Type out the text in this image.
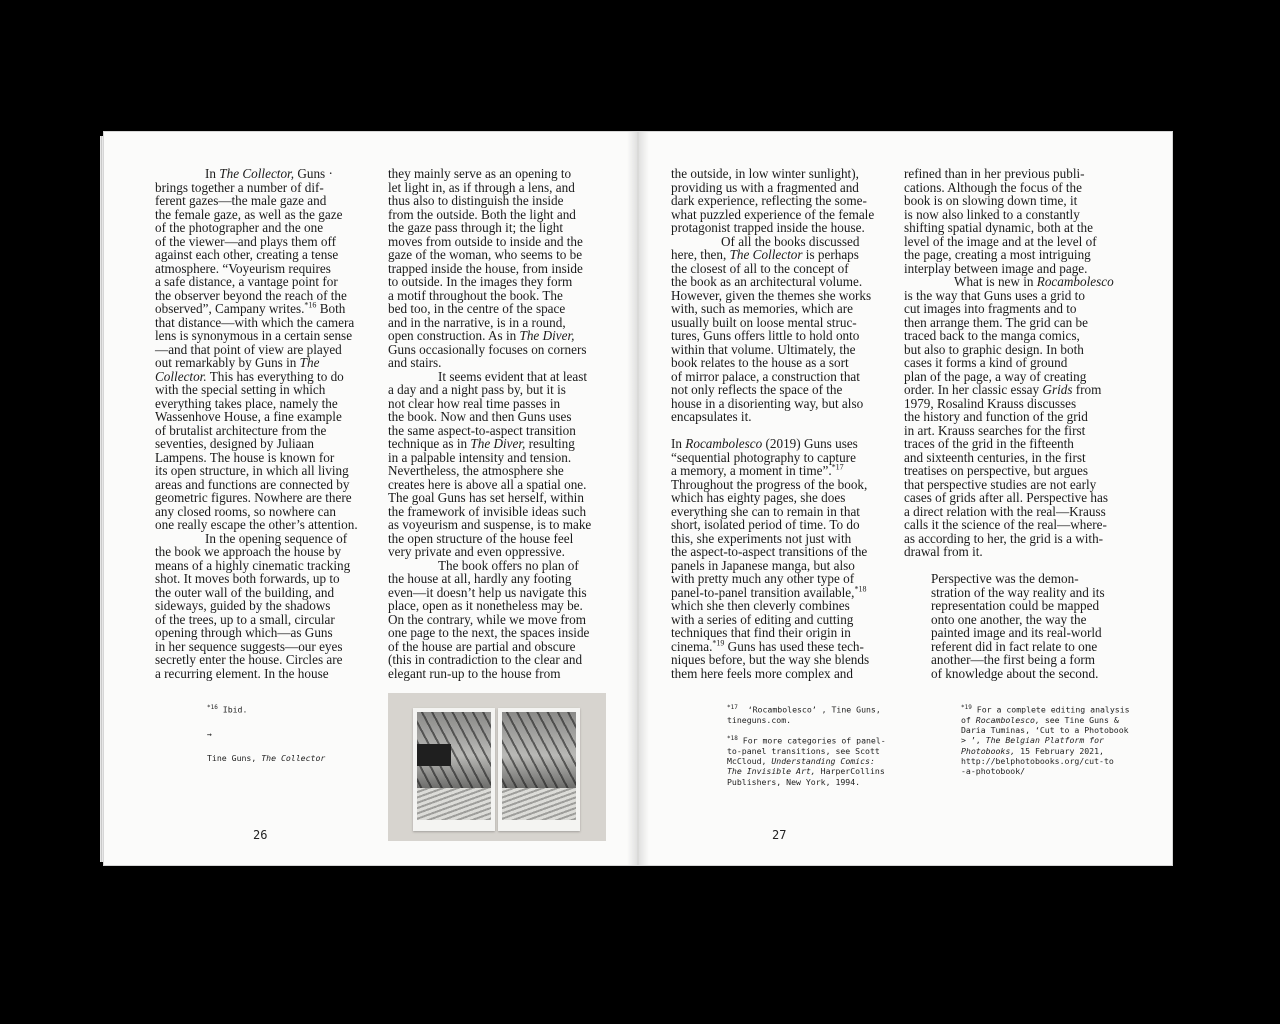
In The Collector, Guns ·

brings together a number of dif-
ferent gazes—the male gaze and
the female gaze, as well as the gaze
of the photographer and the one
of the viewer—and plays them off
against each other, creating a tense
atmosphere. “Voyeurism requires
a safe distance, a vantage point for
the observer beyond the reach of the
observed”, Campany writes.$^{*16}$ Both
that distance—with which the camera
lens is synonymous in a certain sense
—and that point of view are played
out remarkably by Guns in The
Collector. This has everything to do
with the special setting in which
everything takes place, namely the
Wassenhove House, a fine example
of brutalist architecture from the
seventies, designed by Juliaan
Lampens. The house is known for
its open structure, in which all living
areas and functions are connected by
geometric figures. Nowhere are there
any closed rooms, so nowhere can
one really escape the other’s attention.

In the opening sequence of

the book we approach the house by
means of a highly cinematic tracking
shot. It moves both forwards, up to
the outer wall of the building, and
sideways, guided by the shadows
of the trees, up to a small, circular
opening through which—as Guns
in her sequence suggests—our eyes
secretly enter the house. Circles are
a recurring element. In the house

they mainly serve as an opening to
let light in, as if through a lens, and
thus also to distinguish the inside
from the outside. Both the light and
the gaze pass through it; the light
moves from outside to inside and the
gaze of the woman, who seems to be
trapped inside the house, from inside
to outside. In the images they form
a motif throughout the book. The
bed too, in the centre of the space
and in the narrative, is in a round,
open construction. As in The Diver,
Guns occasionally focuses on corners
and stairs.

It seems evident that at least

a day and a night pass by, but it is
not clear how real time passes in
the book. Now and then Guns uses
the same aspect-to-aspect transition
technique as in The Diver, resulting
in a palpable intensity and tension.
Nevertheless, the atmosphere she
creates here is above all a spatial one.
The goal Guns has set herself, within
the framework of invisible ideas such
as voyeurism and suspense, is to make
the open structure of the house feel
very private and even oppressive.

The book offers no plan of

the house at all, hardly any footing
even—it doesn’t help us navigate this
place, open as it nonetheless may be.
On the contrary, while we move from
one page to the next, the spaces inside
of the house are partial and obscure
(this in contradiction to the clear and
elegant run-up to the house from

$^{*16}$ Ibid.

→

Tine Guns, The Collector

26

the outside, in low winter sunlight),
providing us with a fragmented and
dark experience, reflecting the some-
what puzzled experience of the female
protagonist trapped inside the house.

Of all the books discussed

here, then, The Collector is perhaps
the closest of all to the concept of
the book as an architectural volume.
However, given the themes she works
with, such as memories, which are
usually built on loose mental struc-
tures, Guns offers little to hold onto
within that volume. Ultimately, the
book relates to the house as a sort
of mirror palace, a construction that
not only reflects the space of the
house in a disorienting way, but also
encapsulates it.

In Rocambolesco (2019) Guns uses
“sequential photography to capture
a memory, a moment in time”.$^{*17}$
Throughout the progress of the book,
which has eighty pages, she does
everything she can to remain in that
short, isolated period of time. To do
this, she experiments not just with
the aspect-to-aspect transitions of the
panels in Japanese manga, but also
with pretty much any other type of
panel-to-panel transition available,$^{*18}$
which she then cleverly combines
with a series of editing and cutting
techniques that find their origin in
cinema.$^{*19}$ Guns has used these tech-
niques before, but the way she blends
them here feels more complex and

refined than in her previous publi-
cations. Although the focus of the
book is on slowing down time, it
is now also linked to a constantly
shifting spatial dynamic, both at the
level of the image and at the level of
the page, creating a most intriguing
interplay between image and page.

What is new in Rocambolesco

is the way that Guns uses a grid to
cut images into fragments and to
then arrange them. The grid can be
traced back to the manga comics,
but also to graphic design. In both
cases it forms a kind of ground
plan of the page, a way of creating
order. In her classic essay Grids from
1979, Rosalind Krauss discusses
the history and function of the grid
in art. Krauss searches for the first
traces of the grid in the fifteenth
and sixteenth centuries, in the first
treatises on perspective, but argues
that perspective studies are not early
cases of grids after all. Perspective has
a direct relation with the real—Krauss
calls it the science of the real—where-
as according to her, the grid is a with-
drawal from it.

Perspective was the demon-
stration of the way reality and its
representation could be mapped
onto one another, the way the
painted image and its real-world
referent did in fact relate to one
another—the first being a form
of knowledge about the second.

$^{*17}$  ‘Rocambolesco’ , Tine Guns,
tineguns.com.

$^{*18}$ For more categories of panel-
to-panel transitions, see Scott
McCloud, Understanding Comics:
The Invisible Art, HarperCollins
Publishers, New York, 1994.

$^{*19}$ For a complete editing analysis
of Rocambolesco, see Tine Guns &
Daria Tuminas, ‘Cut to a Photobook
> ’, The Belgian Platform for
Photobooks, 15 February 2021,
http://belphotobooks.org/cut-to
-a-photobook/

27
